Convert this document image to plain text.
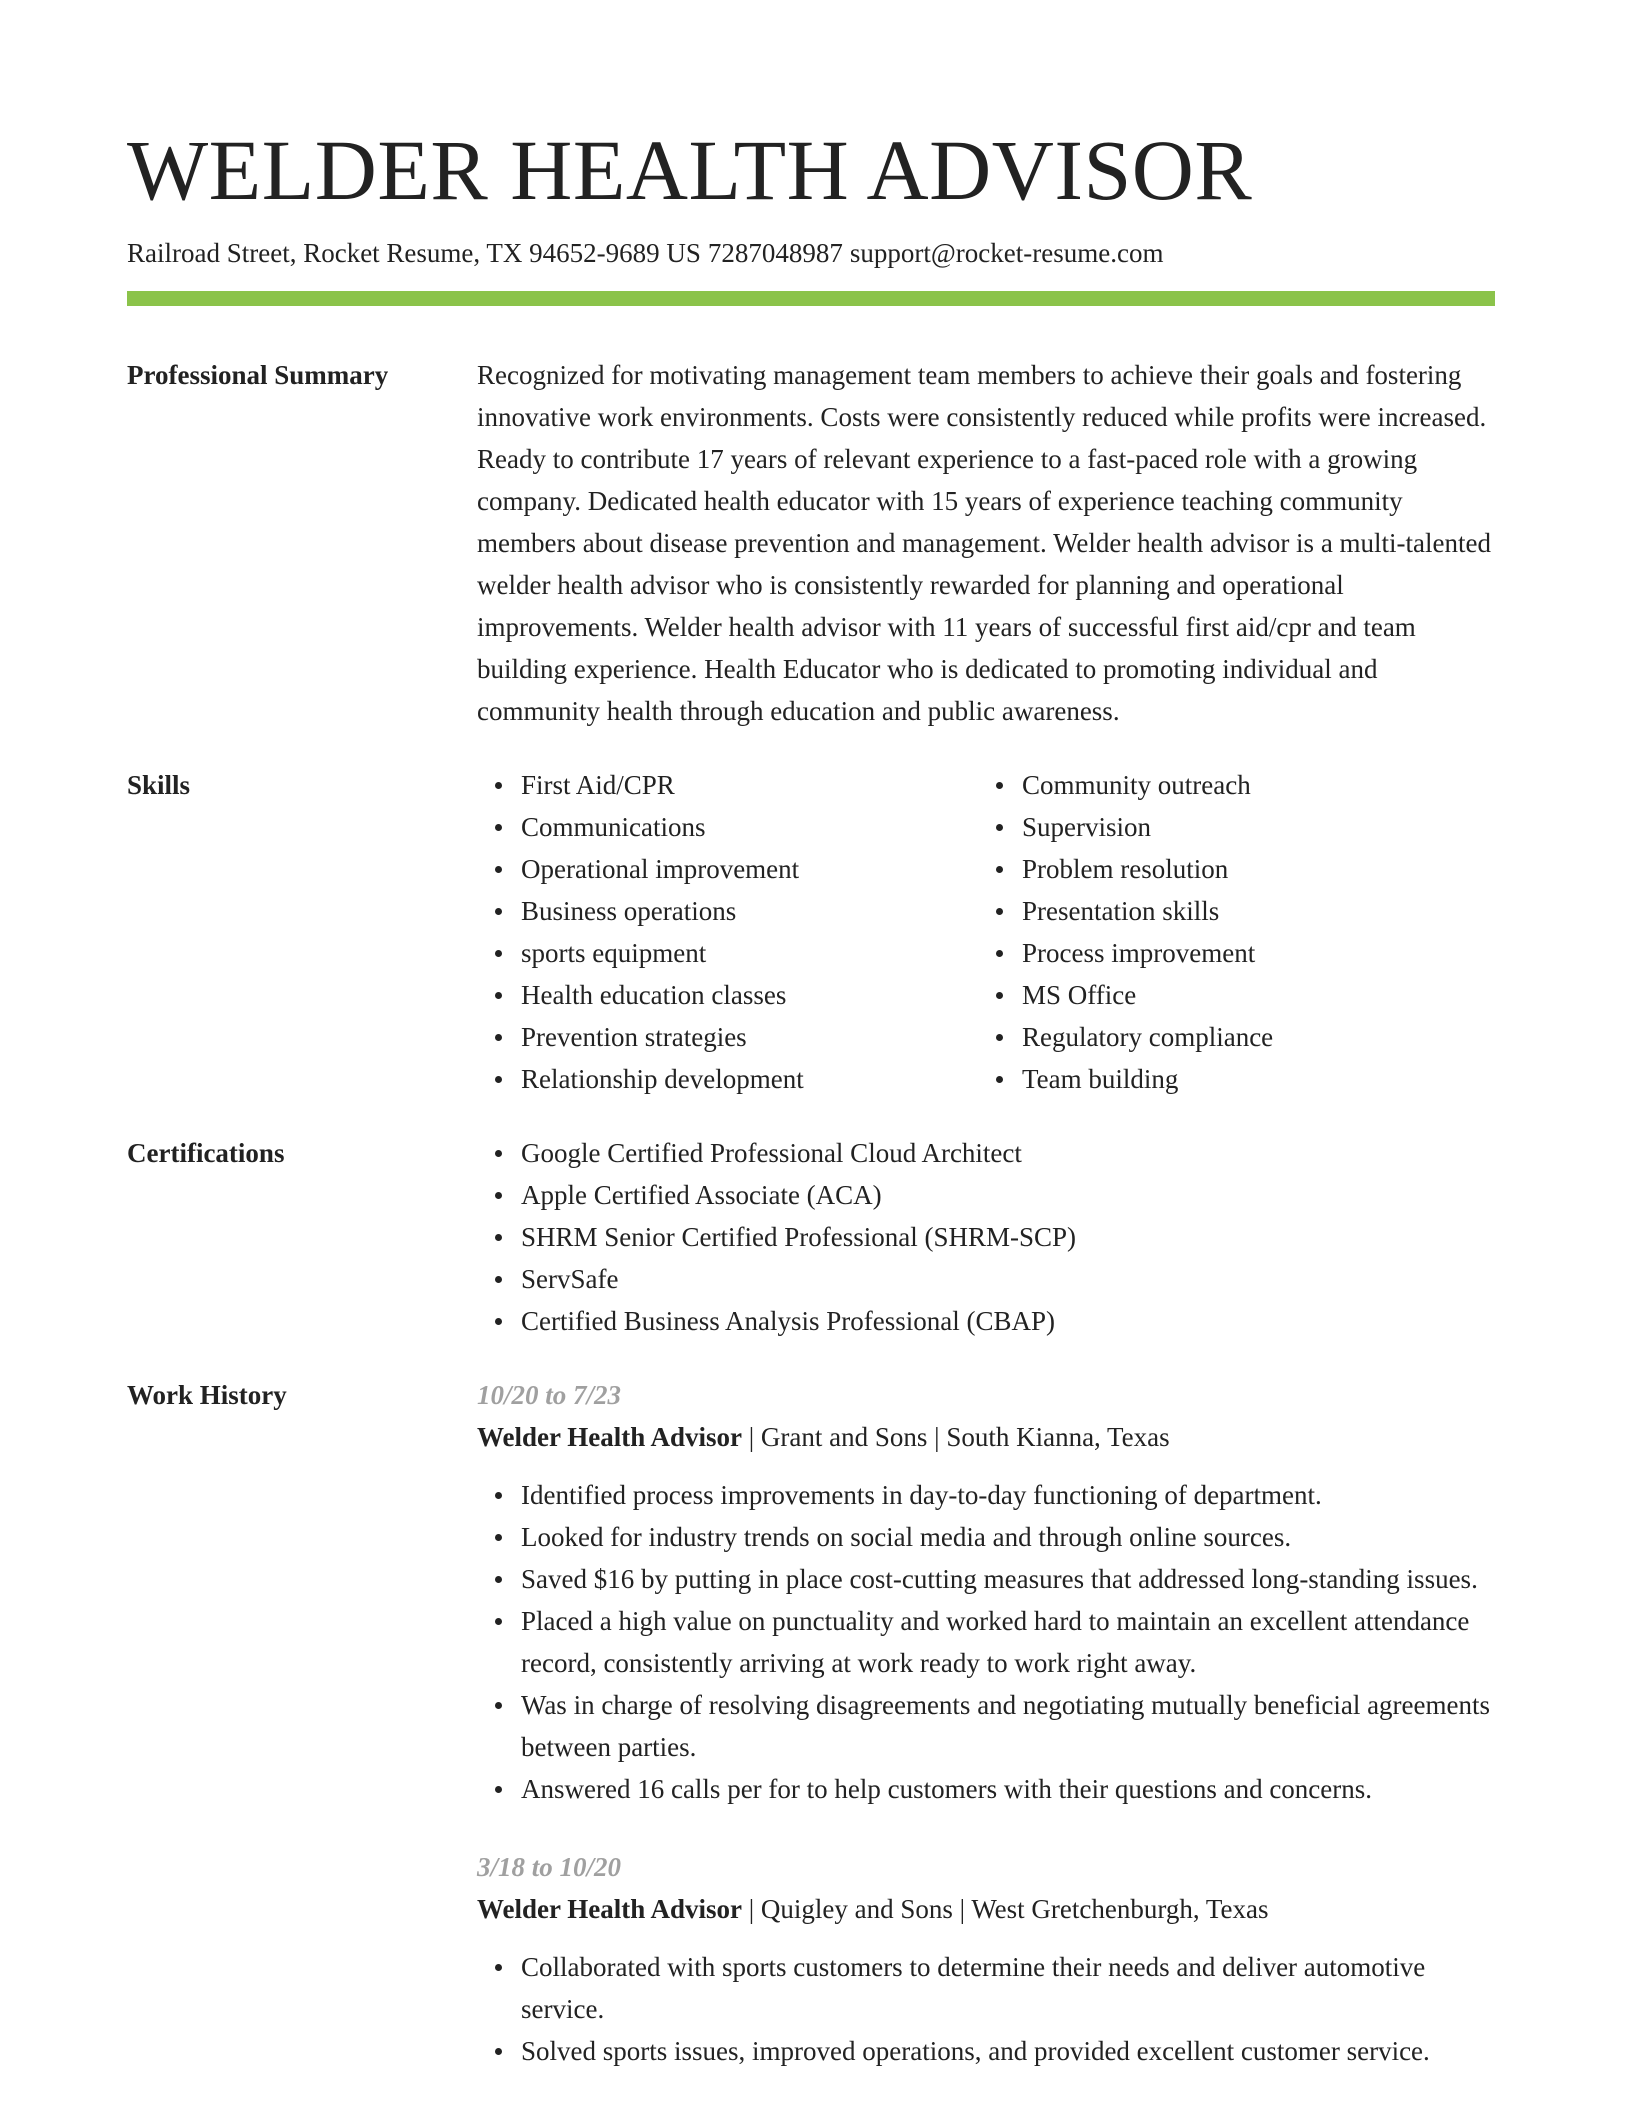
WELDER HEALTH ADVISOR
Railroad Street, Rocket Resume, TX 94652-9689 US 7287048987 support@rocket-resume.com
Professional Summary	Recognized for motivating management team members to achieve their goals and fostering innovative work environments. Costs were consistently reduced while profits were increased. Ready to contribute 17 years of relevant experience to a fast-paced role with a growing company. Dedicated health educator with 15 years of experience teaching community members about disease prevention and management. Welder health advisor is a multi-talented welder health advisor who is consistently rewarded for planning and operational improvements. Welder health advisor with 11 years of successful first aid/cpr and team building experience. Health Educator who is dedicated to promoting individual and community health through education and public awareness.

Skills	First Aid/CPR
Communications
Operational improvement
Business operations
sports equipment
Health education classes
Prevention strategies
Relationship development
Community outreach
Supervision
Problem resolution
Presentation skills
Process improvement
MS Office
Regulatory compliance
Team building
Certifications	Google Certified Professional Cloud Architect
Apple Certified Associate (ACA)
SHRM Senior Certified Professional (SHRM-SCP)
ServSafe
Certified Business Analysis Professional (CBAP)
Work History	10/20 to 7/23
Welder Health Advisor | Grant and Sons | South Kianna, Texas
Identified process improvements in day-to-day functioning of department.
Looked for industry trends on social media and through online sources.
Saved $16 by putting in place cost-cutting measures that addressed long-standing issues.
Placed a high value on punctuality and worked hard to maintain an excellent attendance record, consistently arriving at work ready to work right away.
Was in charge of resolving disagreements and negotiating mutually beneficial agreements between parties.
Answered 16 calls per for to help customers with their questions and concerns.
3/18 to 10/20
Welder Health Advisor | Quigley and Sons | West Gretchenburgh, Texas
Collaborated with sports customers to determine their needs and deliver automotive service.
Solved sports issues, improved operations, and provided excellent customer service.
